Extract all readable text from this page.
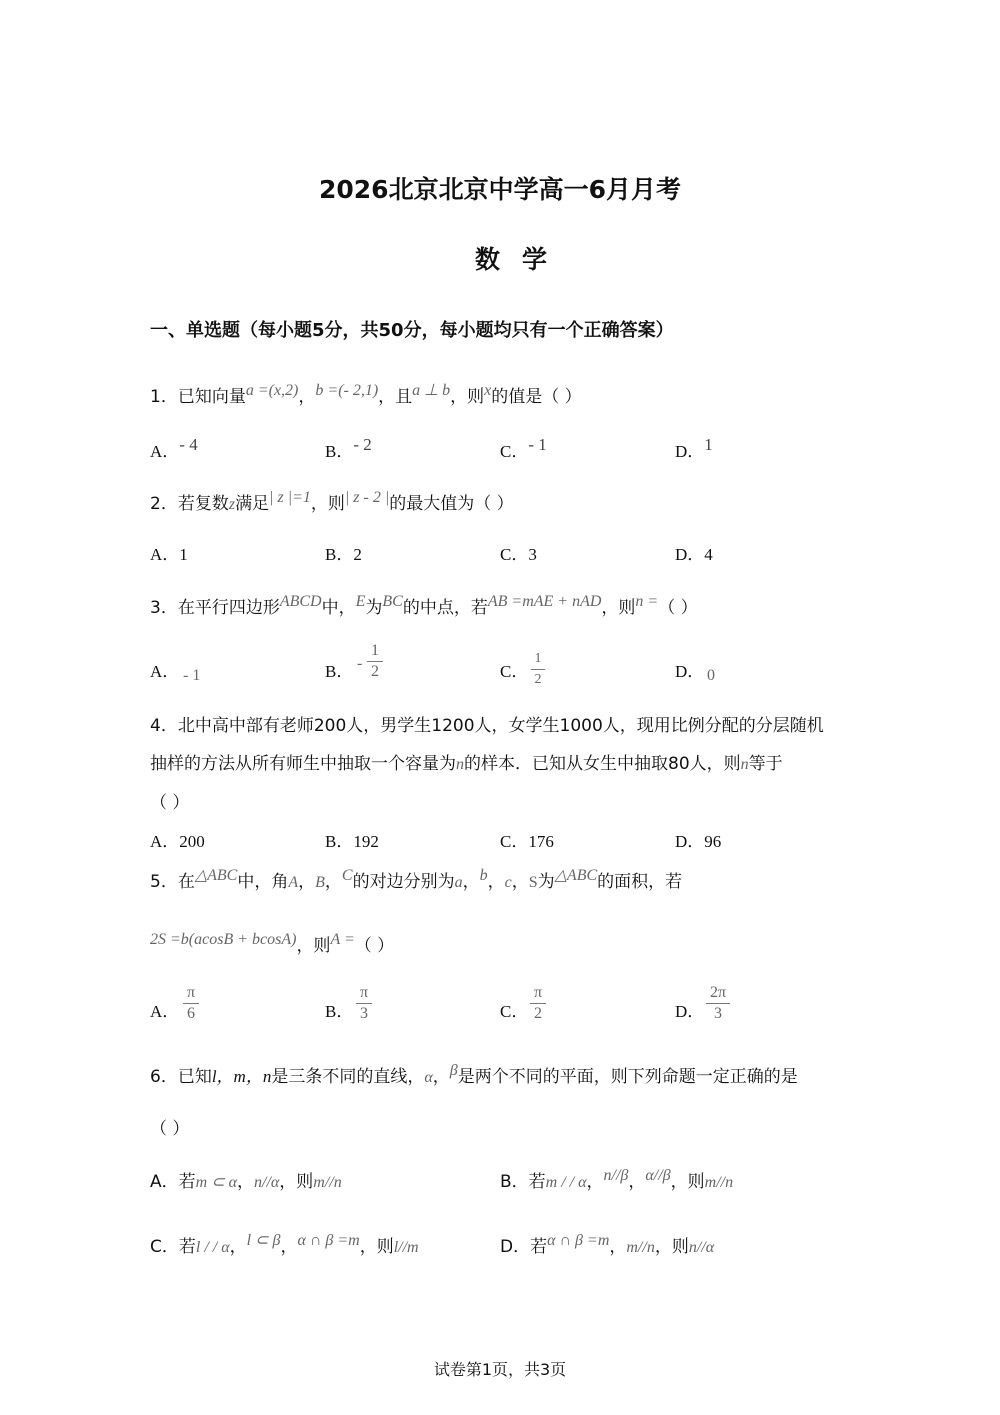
2026北京北京中学高一6月月考
数学
一、单选题（每小题5分，共50分，每小题均只有一个正确答案）
1．已知向量a =(x,2)，b =(- 2,1)，且a ⊥ b，则x的值是（ ）
A．- 4	B．- 2	C．- 1	D．1
2．若复数z满足| z |=1，则| z - 2 |的最大值为（ ）
A．1	B．2	C．3	D．4
3．在平行四边形ABCD中，E为BC的中点，若AB =mAE + nAD，则n =（ ）
A． - 1	B． -
1
2	C．
1
2	D． 0
4．北中高中部有老师200人，男学生1200人，女学生1000人，现用比例分配的分层随机
抽样的方法从所有师生中抽取一个容量为n的样本．已知从女生中抽取80人，则n等于
（ ）
A．200	B．192	C．176	D．96
5．在△ABC中，角A，B，C的对边分别为a，b，c，S为△ABC的面积，若
2S =b(acosB + bcosA)，则A =（ ）
A．
π
6	B．
π
3	C．
π
2	D．
2π
3
6．已知l，m，n是三条不同的直线，α，β是两个不同的平面，则下列命题一定正确的是
（ ）
A．若m ⊂ α，n//α，则m//n	B．若m / / α，n//β，α//β，则m//n
C．若l / / α，l ⊂ β，α ∩ β =m，则l//m	D．若α ∩ β =m，m//n，则n//α
试卷第1页，共3页
